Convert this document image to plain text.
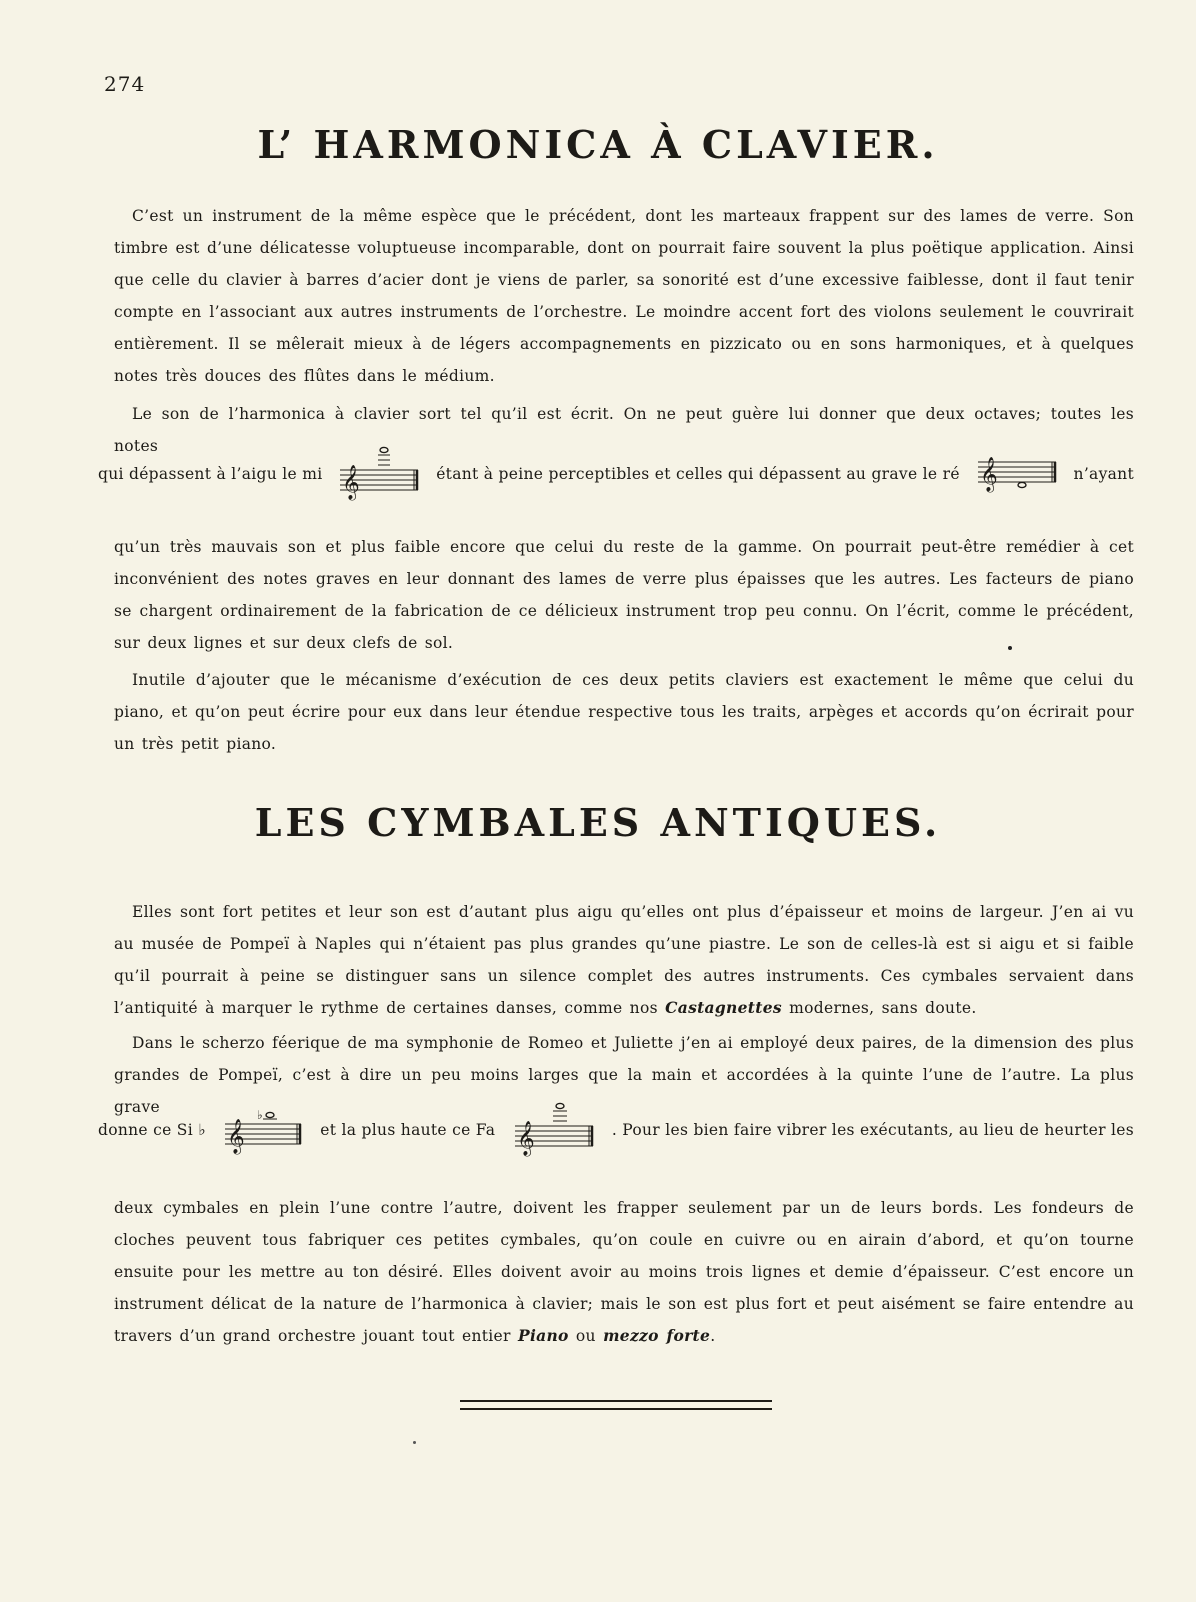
274
L’ HARMONICA À CLAVIER.
C’est un instrument de la même espèce que le précédent, dont les marteaux frappent sur des lames de verre. Son timbre est d’une délicatesse voluptueuse incomparable, dont on pourrait faire souvent la plus poëtique application. Ainsi que celle du clavier à barres d’acier dont je viens de parler, sa sonorité est d’une excessive faiblesse, dont il faut tenir compte en l’associant aux autres instruments de l’orchestre. Le moindre accent fort des violons seulement le couvrirait entièrement. Il se mêlerait mieux à de légers accompagnements en pizzicato ou en sons harmoniques, et à quelques notes très douces des flûtes dans le médium.
Le son de l’harmonica à clavier sort tel qu’il est écrit. On ne peut guère lui donner que deux octaves; toutes les notes
qui dépassent à l’aigu le mi 𝄞	étant à peine perceptibles et celles qui dépassent au grave le ré 𝄞	n’ayant
qu’un très mauvais son et plus faible encore que celui du reste de la gamme. On pourrait peut-être remédier à cet inconvénient des notes graves en leur donnant des lames de verre plus épaisses que les autres. Les facteurs de piano se chargent ordinairement de la fabrication de ce délicieux instrument trop peu connu. On l’écrit, comme le précédent, sur deux lignes et sur deux clefs de sol.
Inutile d’ajouter que le mécanisme d’exécution de ces deux petits claviers est exactement le même que celui du piano, et qu’on peut écrire pour eux dans leur étendue respective tous les traits, arpèges et accords qu’on écrirait pour un très petit piano.
LES CYMBALES ANTIQUES.
Elles sont fort petites et leur son est d’autant plus aigu qu’elles ont plus d’épaisseur et moins de largeur. J’en ai vu au musée de Pompeï à Naples qui n’étaient pas plus grandes qu’une piastre. Le son de celles-là est si aigu et si faible qu’il pourrait à peine se distinguer sans un silence complet des autres instruments. Ces cymbales servaient dans l’antiquité à marquer le rythme de certaines danses, comme nos Castagnettes modernes, sans doute.
Dans le scherzo féerique de ma symphonie de Romeo et Juliette j’en ai employé deux paires, de la dimension des plus grandes de Pompeï, c’est à dire un peu moins larges que la main et accordées à la quinte l’une de l’autre. La plus grave
donne ce Si ♭
♭
𝄞	et la plus haute ce Fa 𝄞	. Pour les bien faire vibrer les exécutants, au lieu de heurter les
deux cymbales en plein l’une contre l’autre, doivent les frapper seulement par un de leurs bords. Les fondeurs de cloches peuvent tous fabriquer ces petites cymbales, qu’on coule en cuivre ou en airain d’abord, et qu’on tourne ensuite pour les mettre au ton désiré. Elles doivent avoir au moins trois lignes et demie d’épaisseur. C’est encore un instrument délicat de la nature de l’harmonica à clavier; mais le son est plus fort et peut aisément se faire entendre au travers d’un grand orchestre jouant tout entier Piano ou mezzo forte.
